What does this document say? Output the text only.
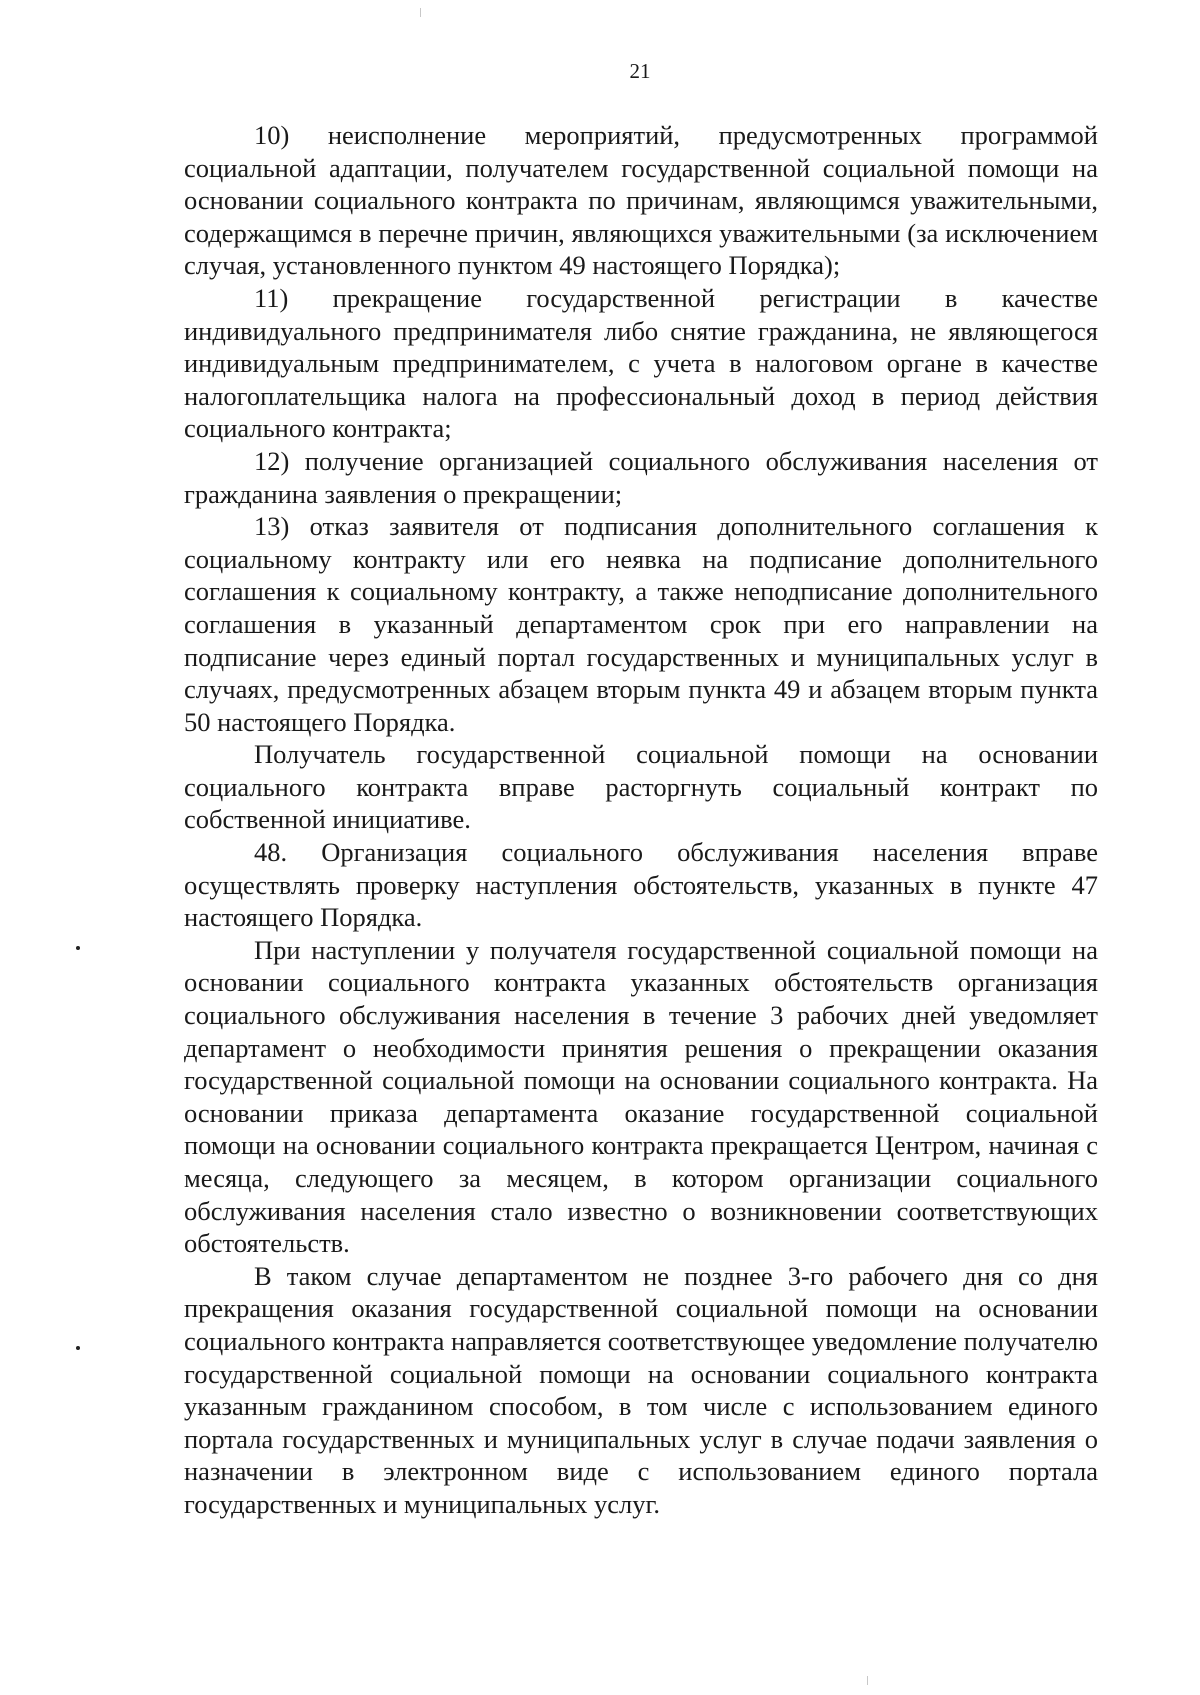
21

10) неисполнение мероприятий, предусмотренных программой социальной адаптации, получателем государственной социальной помощи на основании социального контракта по причинам, являющимся уважительными, содержащимся в перечне причин, являющихся уважительными (за исключением случая, установленного пунктом 49 настоящего Порядка);

11) прекращение государственной регистрации в качестве индивидуального предпринимателя либо снятие гражданина, не являющегося индивидуальным предпринимателем, с учета в налоговом органе в качестве налогоплательщика налога на профессиональный доход в период действия социального контракта;

12) получение организацией социального обслуживания населения от гражданина заявления о прекращении;

13) отказ заявителя от подписания дополнительного соглашения к социальному контракту или его неявка на подписание дополнительного соглашения к социальному контракту, а также неподписание дополнительного соглашения в указанный департаментом срок при его направлении на подписание через единый портал государственных и муниципальных услуг в случаях, предусмотренных абзацем вторым пункта 49 и абзацем вторым пункта 50 настоящего Порядка.

Получатель государственной социальной помощи на основании социального контракта вправе расторгнуть социальный контракт по собственной инициативе.

48. Организация социального обслуживания населения вправе осуществлять проверку наступления обстоятельств, указанных в пункте 47 настоящего Порядка.

При наступлении у получателя государственной социальной помощи на основании социального контракта указанных обстоятельств организация социального обслуживания населения в течение 3 рабочих дней уведомляет департамент о необходимости принятия решения о прекращении оказания государственной социальной помощи на основании социального контракта. На основании приказа департамента оказание государственной социальной помощи на основании социального контракта прекращается Центром, начиная с месяца, следующего за месяцем, в котором организации социального обслуживания населения стало известно о возникновении соответствующих обстоятельств.

В таком случае департаментом не позднее 3-го рабочего дня со дня прекращения оказания государственной социальной помощи на основании социального контракта направляется соответствующее уведомление получателю государственной социальной помощи на основании социального контракта указанным гражданином способом, в том числе с использованием единого портала государственных и муниципальных услуг в случае подачи заявления о назначении в электронном виде с использованием единого портала государственных и муниципальных услуг.
